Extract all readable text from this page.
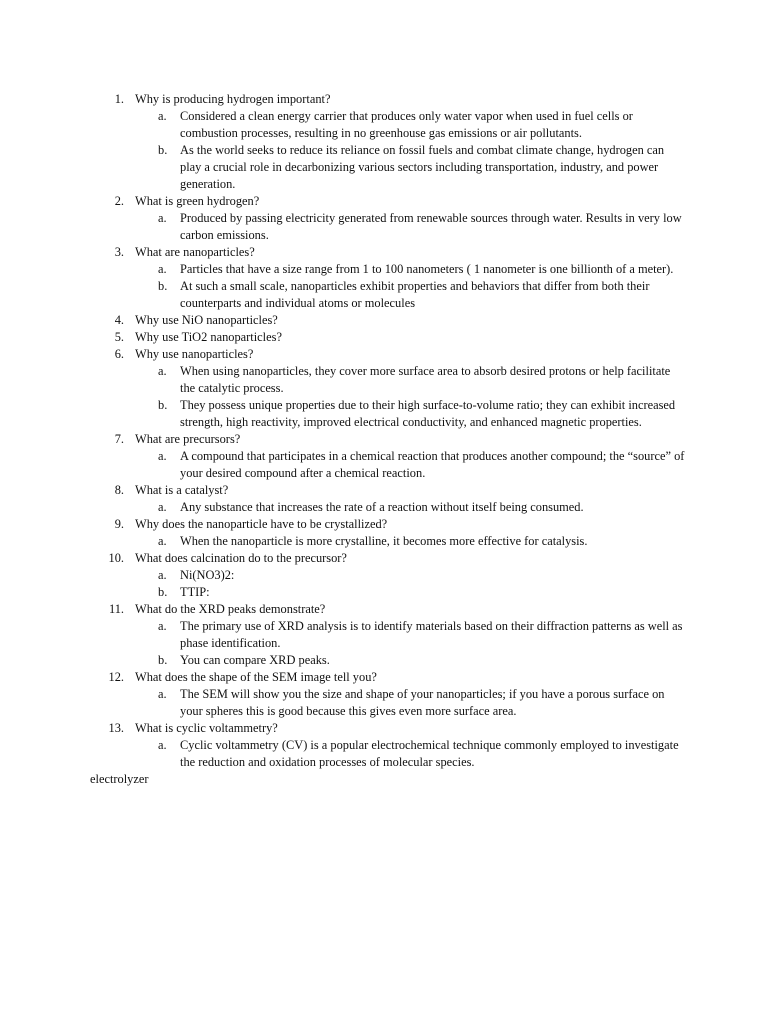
1. Why is producing hydrogen important?
a. Considered a clean energy carrier that produces only water vapor when used in fuel cells or combustion processes, resulting in no greenhouse gas emissions or air pollutants.
b. As the world seeks to reduce its reliance on fossil fuels and combat climate change, hydrogen can play a crucial role in decarbonizing various sectors including transportation, industry, and power generation.
2. What is green hydrogen?
a. Produced by passing electricity generated from renewable sources through water. Results in very low carbon emissions.
3. What are nanoparticles?
a. Particles that have a size range from 1 to 100 nanometers ( 1 nanometer is one billionth of a meter).
b. At such a small scale, nanoparticles exhibit properties and behaviors that differ from both their counterparts and individual atoms or molecules
4. Why use NiO nanoparticles?
5. Why use TiO2 nanoparticles?
6. Why use nanoparticles?
a. When using nanoparticles, they cover more surface area to absorb desired protons or help facilitate the catalytic process.
b. They possess unique properties due to their high surface-to-volume ratio; they can exhibit increased strength, high reactivity, improved electrical conductivity, and enhanced magnetic properties.
7. What are precursors?
a. A compound that participates in a chemical reaction that produces another compound; the “source” of your desired compound after a chemical reaction.
8. What is a catalyst?
a. Any substance that increases the rate of a reaction without itself being consumed.
9. Why does the nanoparticle have to be crystallized?
a. When the nanoparticle is more crystalline, it becomes more effective for catalysis.
10. What does calcination do to the precursor?
a. Ni(NO3)2:
b. TTIP:
11. What do the XRD peaks demonstrate?
a. The primary use of XRD analysis is to identify materials based on their diffraction patterns as well as phase identification.
b. You can compare XRD peaks.
12. What does the shape of the SEM image tell you?
a. The SEM will show you the size and shape of your nanoparticles; if you have a porous surface on your spheres this is good because this gives even more surface area.
13. What is cyclic voltammetry?
a. Cyclic voltammetry (CV) is a popular electrochemical technique commonly employed to investigate the reduction and oxidation processes of molecular species.
electrolyzer
